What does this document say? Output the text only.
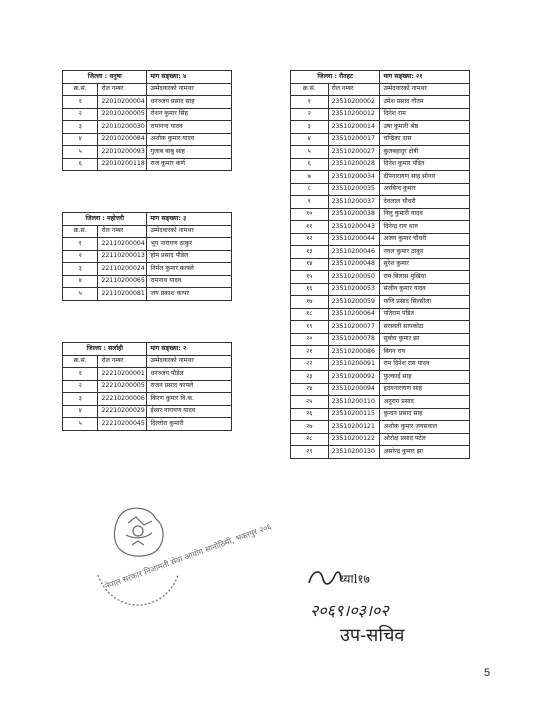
जिल्ला : धनुषा		माग सङ्ख्या: ४
क्र.सं.	रोल नम्बर	उम्मेदवारको नामथर
१	22010200004	धनञ्जय प्रसाद साह
२	22010200005	रोशन कुमार सिंह
३	22010200030	रामानन्द यादव
४	22010200084	अशोक कुमार यादव
५	22010200093	गुलाब बाबु साह
६	22010200118	राज कुमार कर्ण
जिल्ला : महोत्तरी		माग सङ्ख्या: ३
क्र.सं.	रोल नम्बर	उम्मेदवारको नामथर
१	22110200004	भुप नारायण ठाकुर
२	22110200013	होम प्रसाद पौडेल
३	22110200024	निर्मल कुमार काफ्ले
४	22110200065	रामनाथ यादव
५	22110200081	जय प्रकाश कापर
जिल्ला : सर्लाही		माग सङ्ख्या: २
क्र.सं.	रोल नम्बर	उम्मेदवारको नामथर
१	22210200001	धनञ्जय पौडेल
२	22210200005	राजन प्रसाद काफ्ले
३	22210200006	किरण कुमार वि.क.
४	22210200029	ईश्वर नारायण यादव
५	22210200045	दिल्तोरा कुमारी
जिल्ला : रौतहट		माग सङ्ख्या: २१
क्र.सं.	रोल नम्बर	उम्मेदवारको नामथर
१	23510200002	उमेश प्रसाद गौतम
२	23510200012	दिनेश राम
३	23510200014	उषा कुमारी श्रेष्ठ
४	23510200017	चन्द्रिका दास
५	23510200027	कुलबहादुर क्षेत्री
६	23510200028	दिनेश कुमार पंडित
७	23510200034	दीपनारायण साह सोनार
८	23510200035	अरबिन्द कुमार
९	23510200037	देवलाल चौधरी
१०	23510200038	निलु कुमारी यादव
११	23510200043	दिनेन्द्र राय थारु
१२	23510200044	अजय कुमार चौधरी
१३	23510200046	नवल कुमार ठाकुर
१४	23510200048	सुरेश कुमार
१५	23510200050	राम बिलास मुखिया
१६	23510200053	संजीव कुमार यादव
१७	23510200059	फणि प्रसाद सिल्सीला
१८	23510200064	पतिराम पंडित
१९	23510200077	सरस्वती सापकोटा
२०	23510200078	सुबोध कुमार झा
२१	23510200086	बिगन राय
२२	23510200091	राम दिनेश राय यादव
२३	23510200092	फुल्काई साह
२४	23510200094	हृदयनारायण साह
२५	23510200110	अनुराग प्रसाद
२६	23510200115	कुन्दन प्रसाद साह
२७	23510200121	अशोक कुमार जयसवाल
२८	23510200122	ओरोक्ष प्रसाद पटेल
२९	23510200130	असरेन्द्र कुमार झा
नेपाल सरकार निजामती सेवा आयोग सानोठिमी, भक्तपुर २०६	ध्याl१७
२०६९।०३।०२
उप-सचिव
5
